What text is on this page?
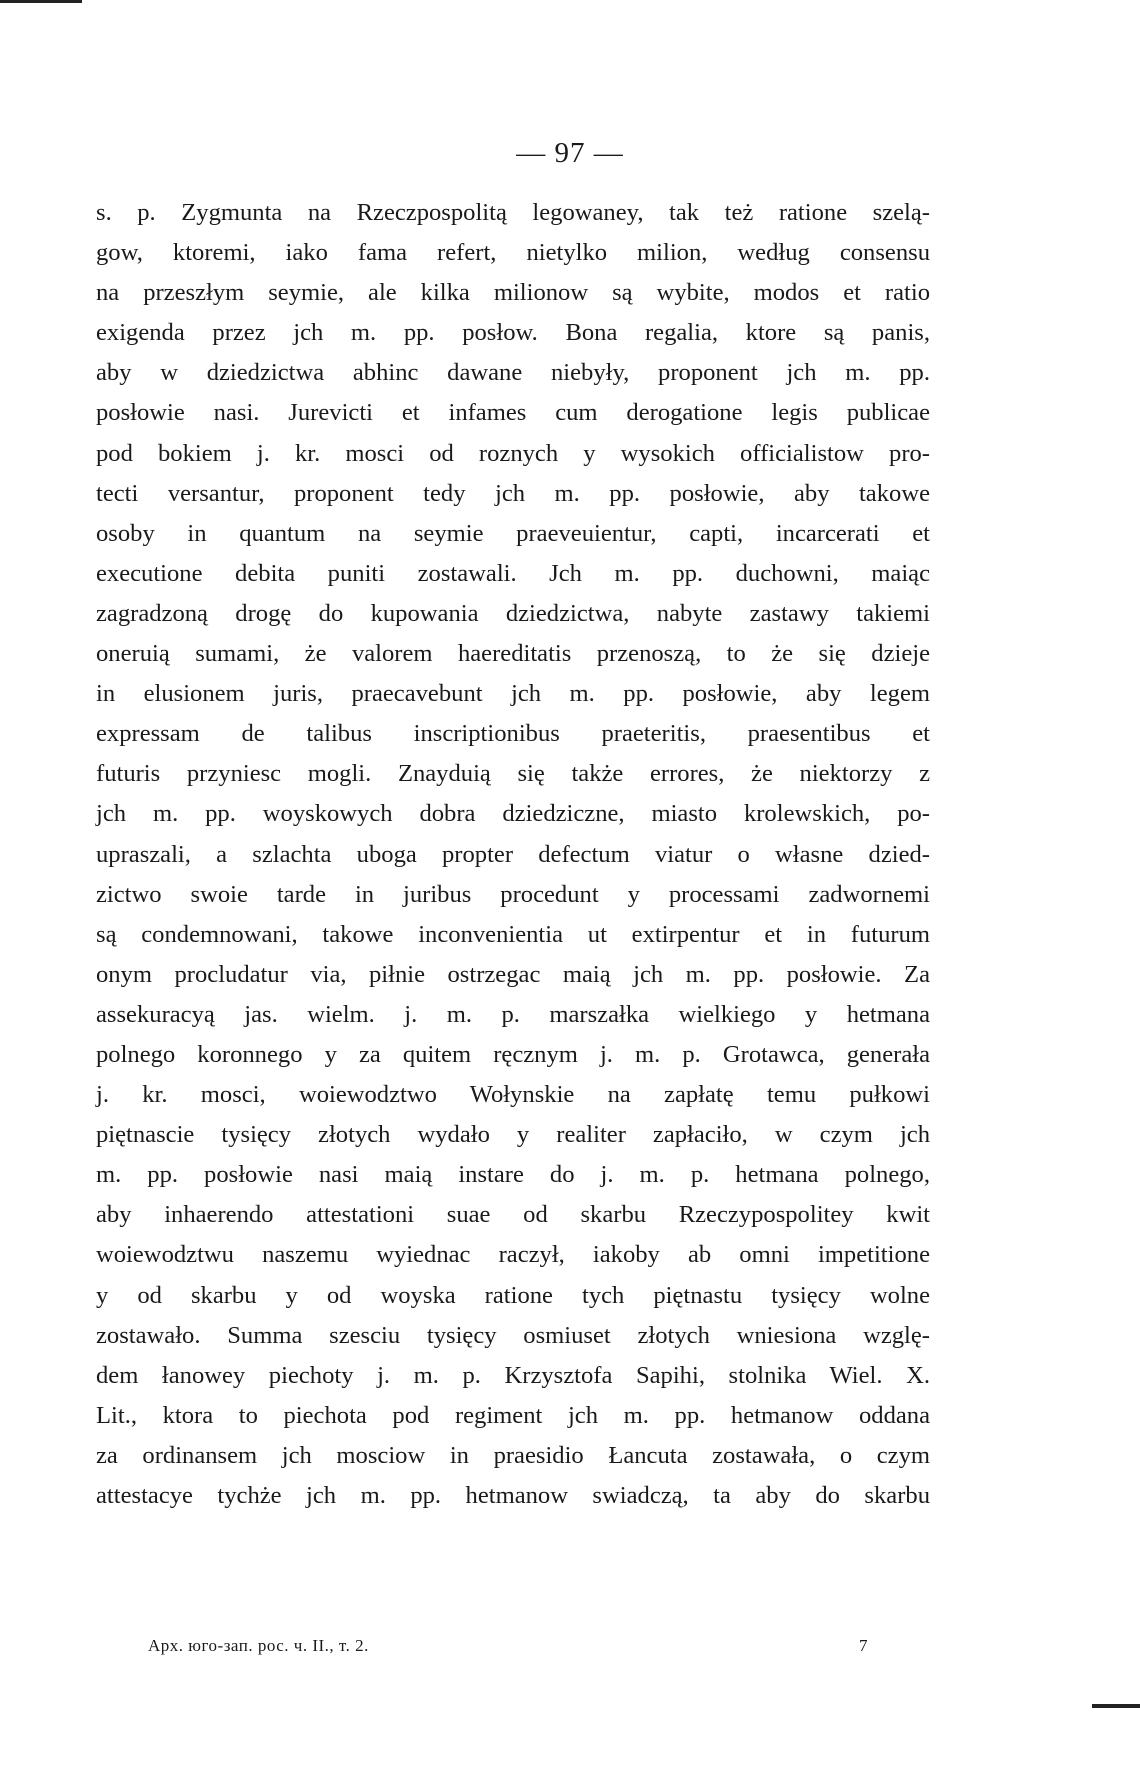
— 97 —
s. p. Zygmunta na Rzeczpospolitą legowaney, tak też ratione szelą-
gow, ktoremi, iako fama refert, nietylko milion, według consensu
na przeszłym seymie, ale kilka milionow są wybite, modos et ratio
exigenda przez jch m. pp. posłow. Bona regalia, ktore są panis,
aby w dziedzictwa abhinc dawane niebyły, proponent jch m. pp.
posłowie nasi. Jurevicti et infames cum derogatione legis publicae
pod bokiem j. kr. mosci od roznych y wysokich officialistow pro-
tecti versantur, proponent tedy jch m. pp. posłowie, aby takowe
osoby in quantum na seymie praeveuientur, capti, incarcerati et
executione debita puniti zostawali. Jch m. pp. duchowni, maiąc
zagradzoną drogę do kupowania dziedzictwa, nabyte zastawy takiemi
oneruią sumami, że valorem haereditatis przenoszą, to że się dzieje
in elusionem juris, praecavebunt jch m. pp. posłowie, aby legem
expressam de talibus inscriptionibus praeteritis, praesentibus et
futuris przyniesc mogli. Znayduią się także errores, że niektorzy z
jch m. pp. woyskowych dobra dziedziczne, miasto krolewskich, po-
upraszali, a szlachta uboga propter defectum viatur o własne dzied-
zictwo swoie tarde in juribus procedunt y processami zadwornemi
są condemnowani, takowe inconvenientia ut extirpentur et in futurum
onym procludatur via, piłnie ostrzegac maią jch m. pp. posłowie. Za
assekuracyą jas. wielm. j. m. p. marszałka wielkiego y hetmana
polnego koronnego y za quitem ręcznym j. m. p. Grotawca, generała
j. kr. mosci, woiewodztwo Wołynskie na zapłatę temu pułkowi
piętnascie tysięcy złotych wydało y realiter zapłaciło, w czym jch
m. pp. posłowie nasi maią instare do j. m. p. hetmana polnego,
aby inhaerendo attestationi suae od skarbu Rzeczypospolitey kwit
woiewodztwu naszemu wyiednac raczył, iakoby ab omni impetitione
y od skarbu y od woyska ratione tych piętnastu tysięcy wolne
zostawało. Summa szesciu tysięcy osmiuset złotych wniesiona wzglę-
dem łanowey piechoty j. m. p. Krzysztofa Sapihi, stolnika Wiel. X.
Lit., ktora to piechota pod regiment jch m. pp. hetmanow oddana
za ordinansem jch mosciow in praesidio Łancuta zostawała, o czym
attestacye tychże jch m. pp. hetmanow swiadczą, ta aby do skarbu
Арх. юго-зап. рос. ч. II., т. 2.	7
